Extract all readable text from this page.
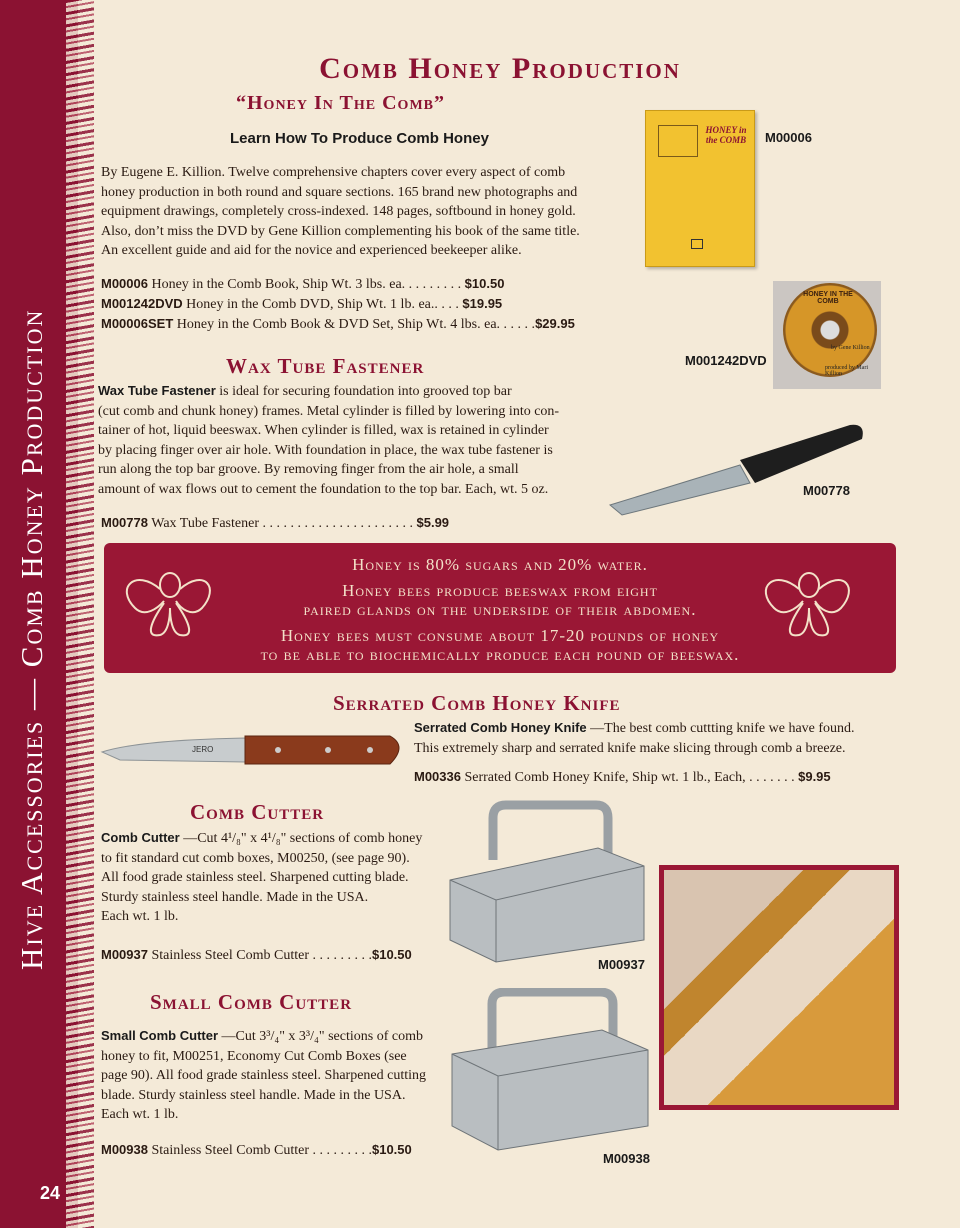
Hive Accessories — Comb Honey Production
24
Comb Honey Production
“Honey In The Comb”
Learn How To Produce Comb Honey
By Eugene E. Killion. Twelve comprehensive chapters cover every aspect of comb
honey production in both round and square sections. 165 brand new photographs and
equipment drawings, completely cross-indexed. 148 pages, softbound in honey gold.
Also, don’t miss the DVD by Gene Killion complementing his book of the same title.
An excellent guide and aid for the novice and experienced beekeeper alike.
M00006 Honey in the Comb Book, Ship Wt. 3 lbs. ea. . . . . . . . . $10.50
M001242DVD Honey in the Comb DVD, Ship Wt. 1 lb. ea.. . . . $19.95
M00006SET Honey in the Comb Book & DVD Set, Ship Wt. 4 lbs. ea. . . . . .$29.95
HONEY in the COMB	M00006
HONEY IN THE COMB
by Gene Killion
produced by Mari Killion
M001242DVD
Wax Tube Fastener
Wax Tube Fastener is ideal for securing foundation into grooved top bar
(cut comb and chunk honey) frames. Metal cylinder is filled by lowering into con-
tainer of hot, liquid beeswax. When cylinder is filled, wax is retained in cylinder
by placing finger over air hole. With foundation in place, the wax tube fastener is
run along the top bar groove. By removing finger from the air hole, a small
amount of wax flows out to cement the foundation to the top bar. Each, wt. 5 oz.
M00778 Wax Tube Fastener . . . . . . . . . . . . . . . . . . . . . . $5.99
M00778
Honey is 80% sugars and 20% water.
Honey bees produce beeswax from eight
paired glands on the underside of their abdomen.
Honey bees must consume about 17-20 pounds of honey
to be able to biochemically produce each pound of beeswax.
Serrated Comb Honey Knife
Serrated Comb Honey Knife —The best comb cuttting knife we have found.
This extremely sharp and serrated knife make slicing through comb a breeze.
M00336 Serrated Comb Honey Knife, Ship wt. 1 lb., Each, . . . . . . . $9.95
JERO
Comb Cutter
Comb Cutter —Cut 4¹/₈" x 4¹/₈" sections of comb honey
to fit standard cut comb boxes, M00250, (see page 90).
All food grade stainless steel. Sharpened cutting blade.
Sturdy stainless steel handle. Made in the USA.
Each wt. 1 lb.
M00937 Stainless Steel Comb Cutter . . . . . . . . .$10.50
M00937
Small Comb Cutter
Small Comb Cutter —Cut 3³/₄" x 3³/₄" sections of comb
honey to fit, M00251, Economy Cut Comb Boxes (see
page 90). All food grade stainless steel. Sharpened cutting
blade. Sturdy stainless steel handle. Made in the USA.
Each wt. 1 lb.
M00938 Stainless Steel Comb Cutter . . . . . . . . .$10.50
M00938
